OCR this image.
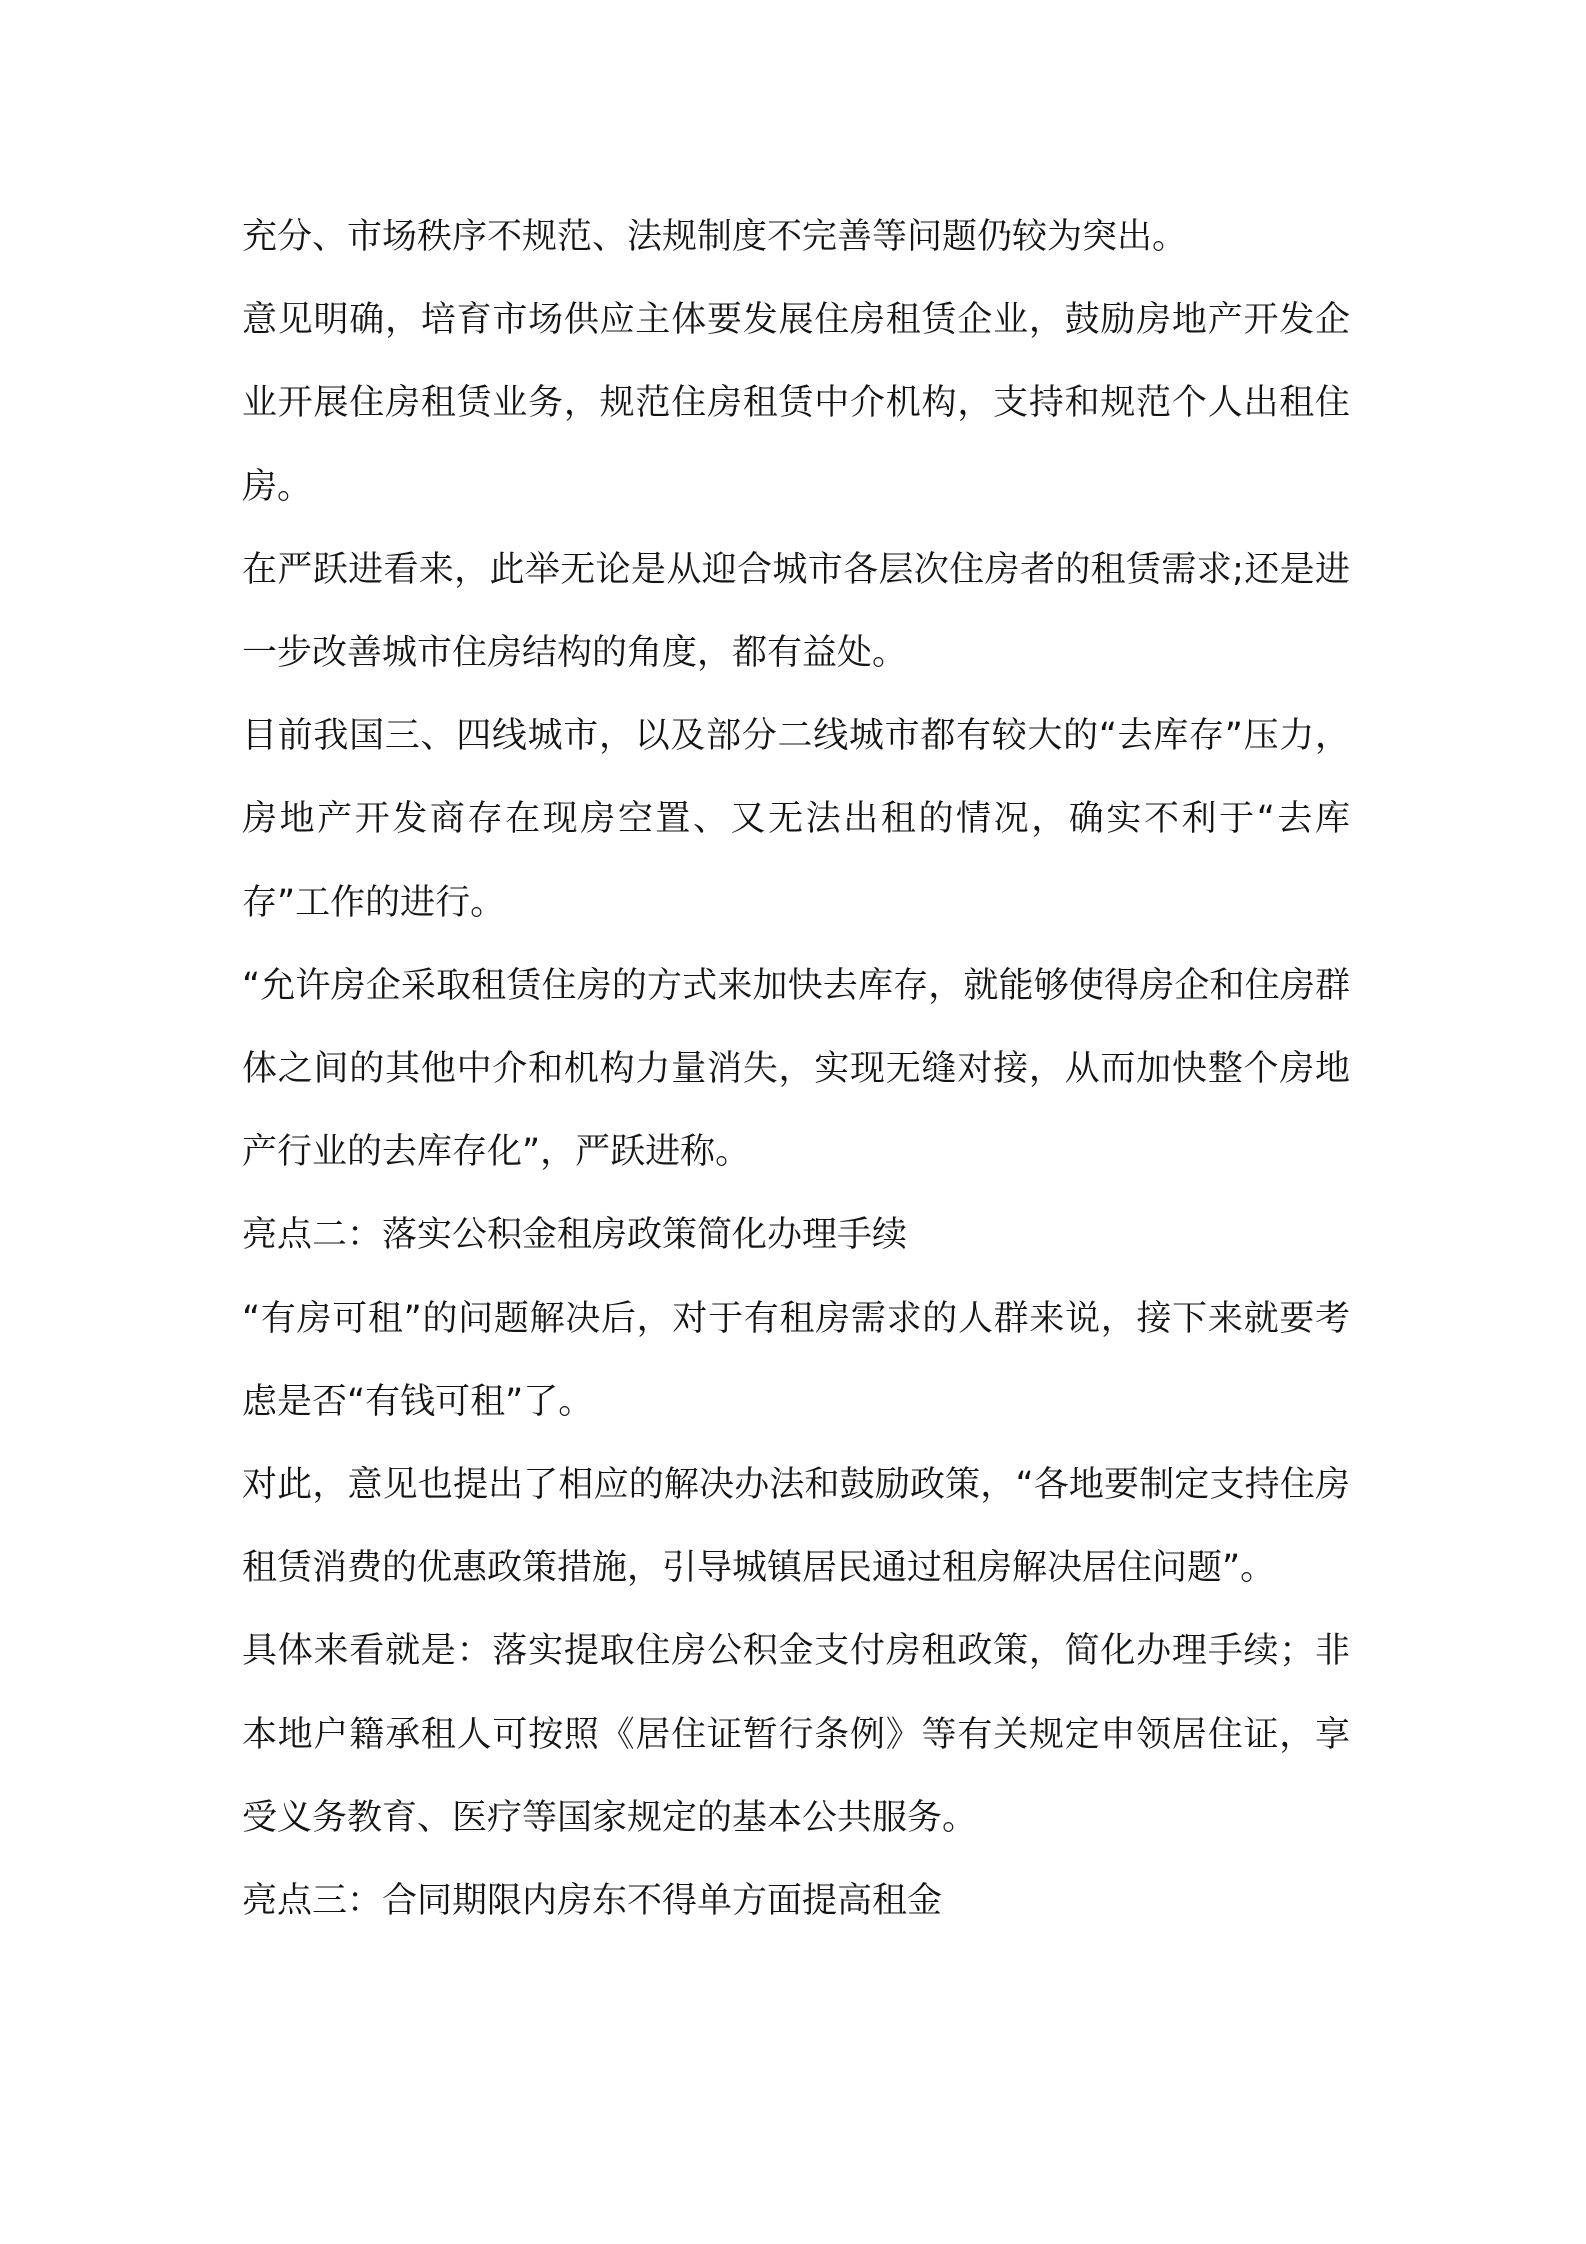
充分、市场秩序不规范、法规制度不完善等问题仍较为突出。

意见明确，培育市场供应主体要发展住房租赁企业，鼓励房地产开发企业开展住房租赁业务，规范住房租赁中介机构，支持和规范个人出租住房。

在严跃进看来，此举无论是从迎合城市各层次住房者的租赁需求;还是进一步改善城市住房结构的角度，都有益处。

目前我国三、四线城市，以及部分二线城市都有较大的“去库存”压力，房地产开发商存在现房空置、又无法出租的情况，确实不利于“去库存”工作的进行。

“允许房企采取租赁住房的方式来加快去库存，就能够使得房企和住房群体之间的其他中介和机构力量消失，实现无缝对接，从而加快整个房地产行业的去库存化”，严跃进称。

亮点二：落实公积金租房政策简化办理手续

“有房可租”的问题解决后，对于有租房需求的人群来说，接下来就要考虑是否“有钱可租”了。

对此，意见也提出了相应的解决办法和鼓励政策，“各地要制定支持住房租赁消费的优惠政策措施，引导城镇居民通过租房解决居住问题”。

具体来看就是：落实提取住房公积金支付房租政策，简化办理手续；非本地户籍承租人可按照《居住证暂行条例》等有关规定申领居住证，享受义务教育、医疗等国家规定的基本公共服务。

亮点三：合同期限内房东不得单方面提高租金
